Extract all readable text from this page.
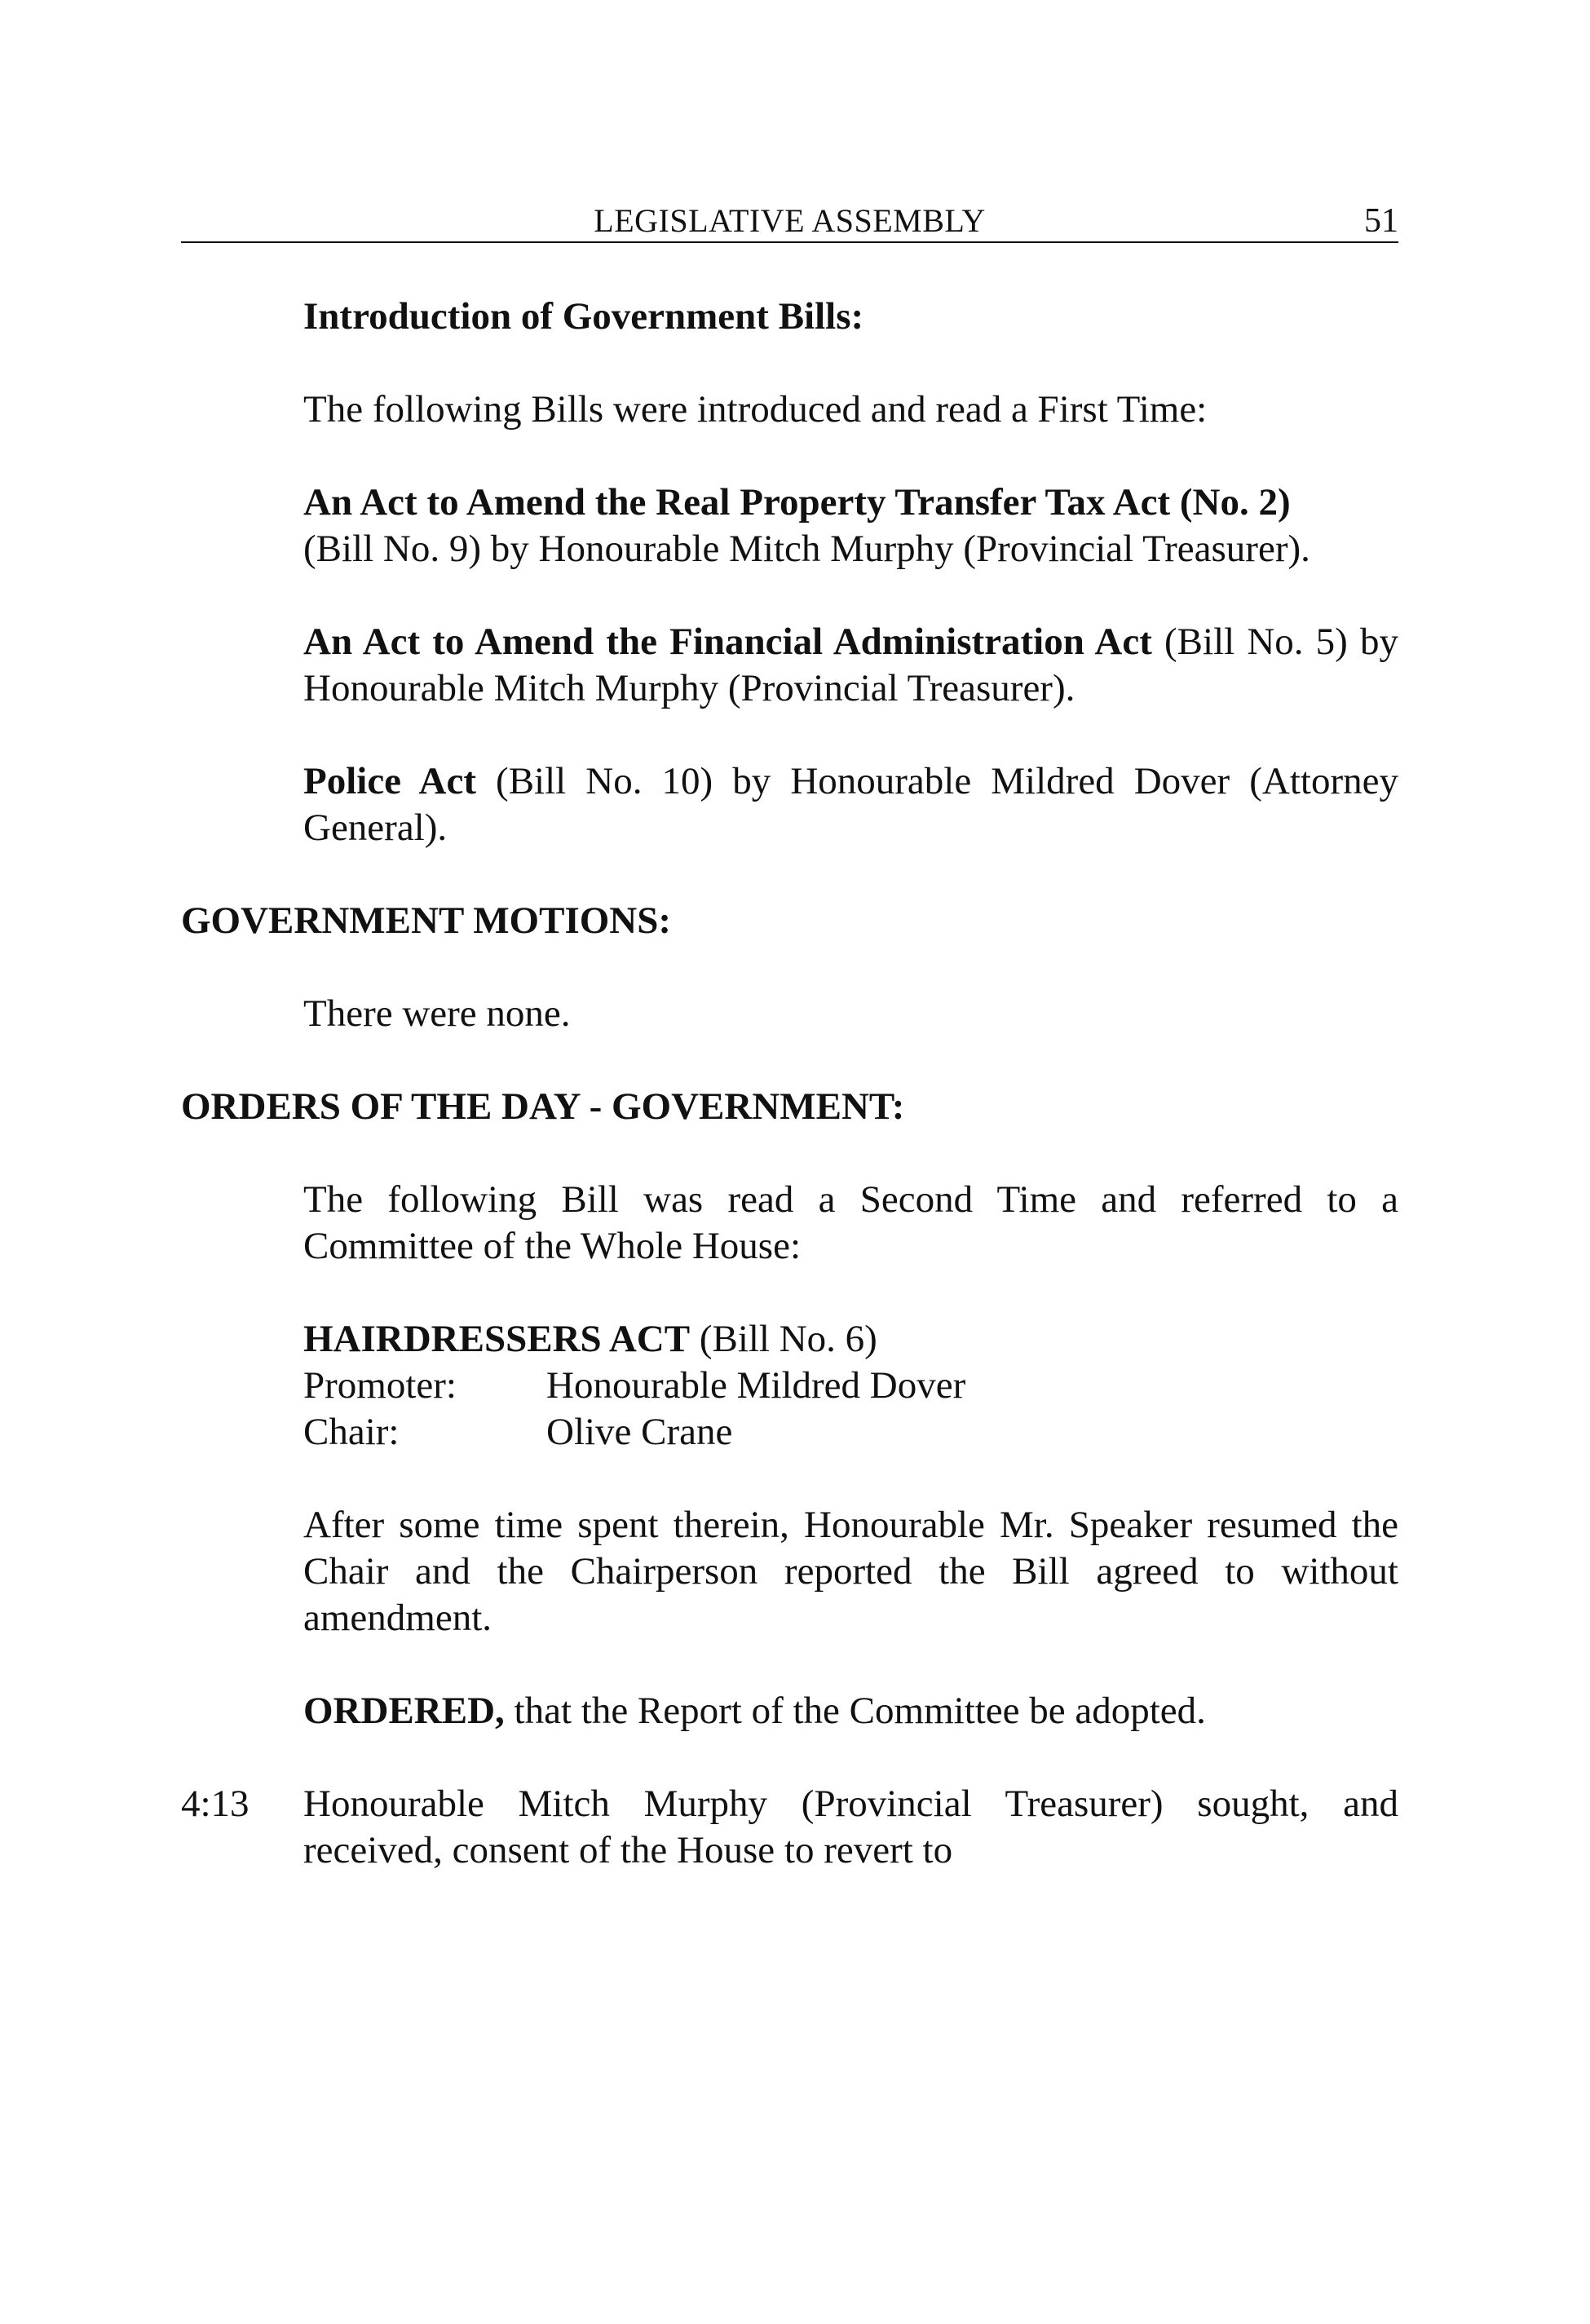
LEGISLATIVE ASSEMBLY	51
Introduction of Government Bills:
The following Bills were introduced and read a First Time:
An Act to Amend the Real Property Transfer Tax Act (No. 2)
(Bill No. 9) by Honourable Mitch Murphy (Provincial Treasurer).
An Act to Amend the Financial Administration Act (Bill No. 5) by Honourable Mitch Murphy (Provincial Treasurer).
Police Act (Bill No. 10) by Honourable Mildred Dover (Attorney General).
GOVERNMENT MOTIONS:
There were none.
ORDERS OF THE DAY - GOVERNMENT:
The following Bill was read a Second Time and referred to a Committee of the Whole House:
HAIRDRESSERS ACT (Bill No. 6)
Promoter:	Honourable Mildred Dover
Chair:	Olive Crane
After some time spent therein, Honourable Mr. Speaker resumed the Chair and the Chairperson reported the Bill agreed to without amendment.
ORDERED, that the Report of the Committee be adopted.
4:13 Honourable Mitch Murphy (Provincial Treasurer) sought, and received, consent of the House to revert to
